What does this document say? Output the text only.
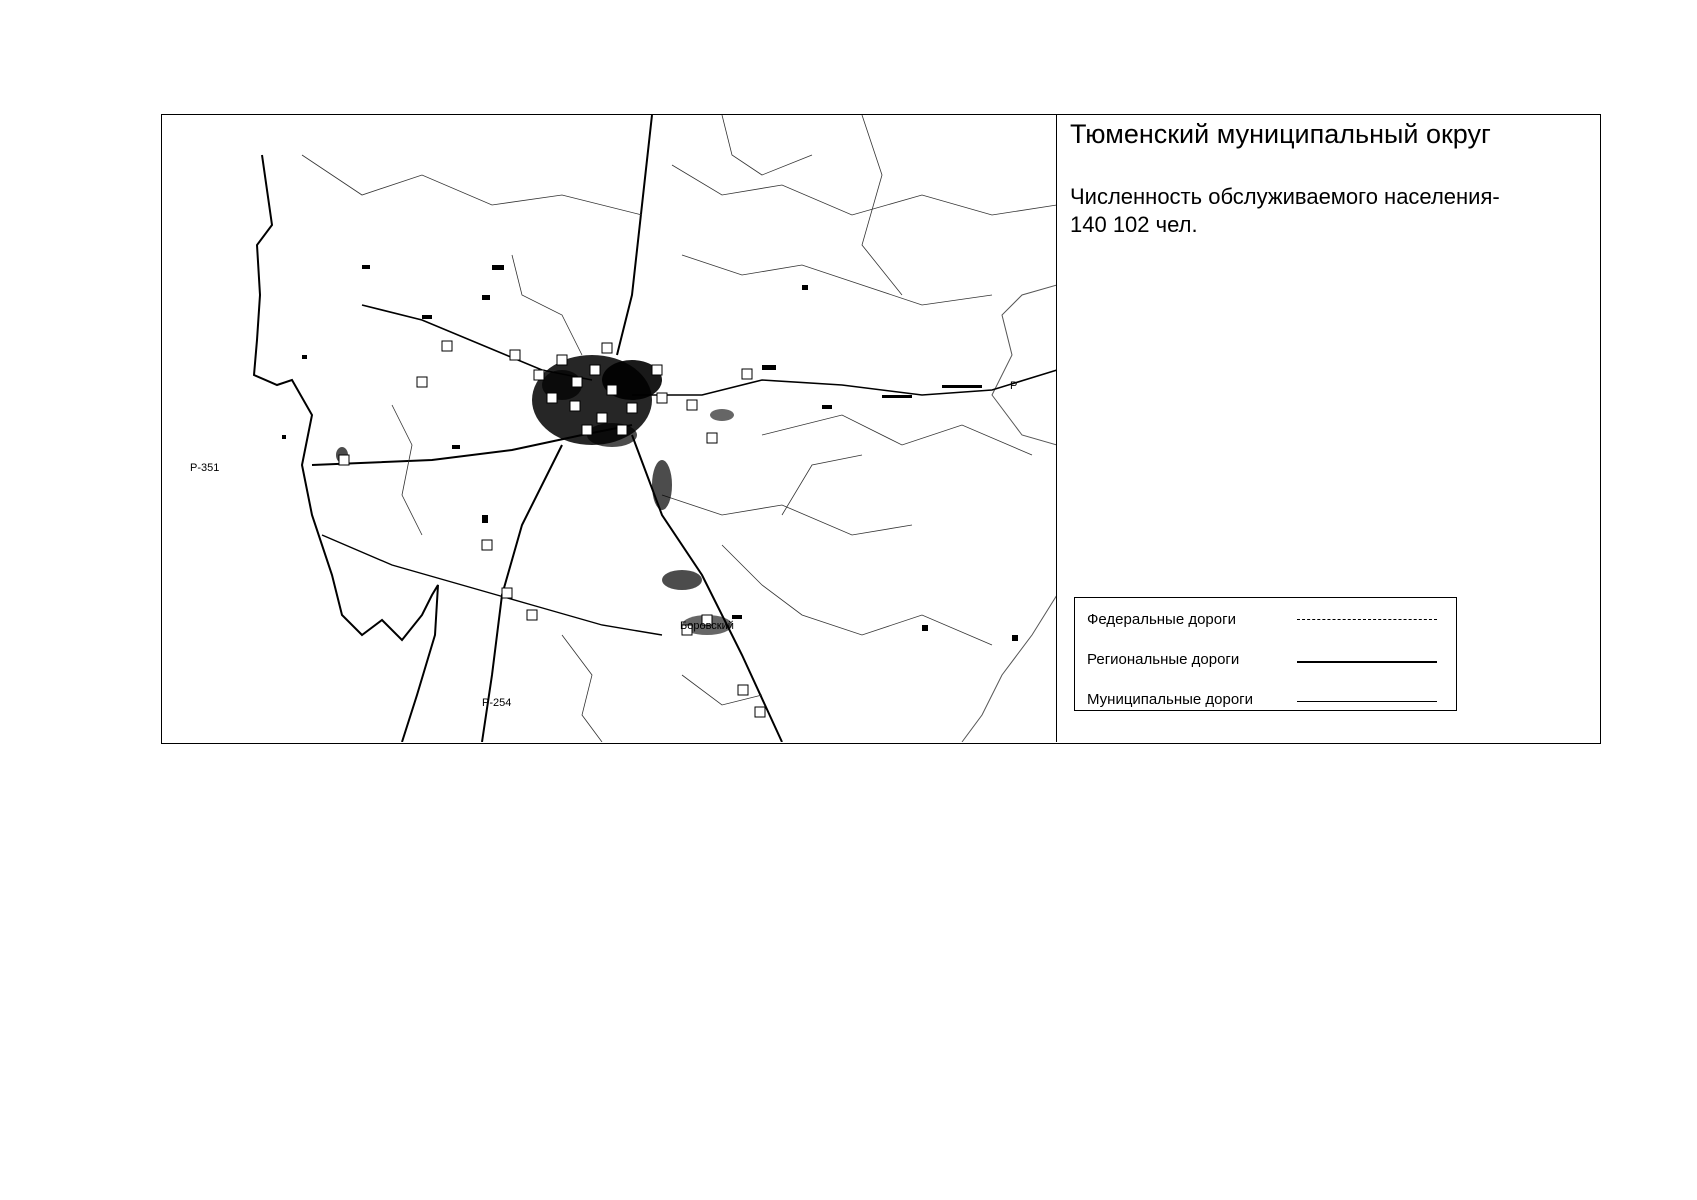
Р-351
Р-254
Боровский
Р
Тюменский муниципальный округ
Численность обслуживаемого населения-
140 102 чел.
Федеральные дороги
Региональные дороги
Муниципальные дороги
